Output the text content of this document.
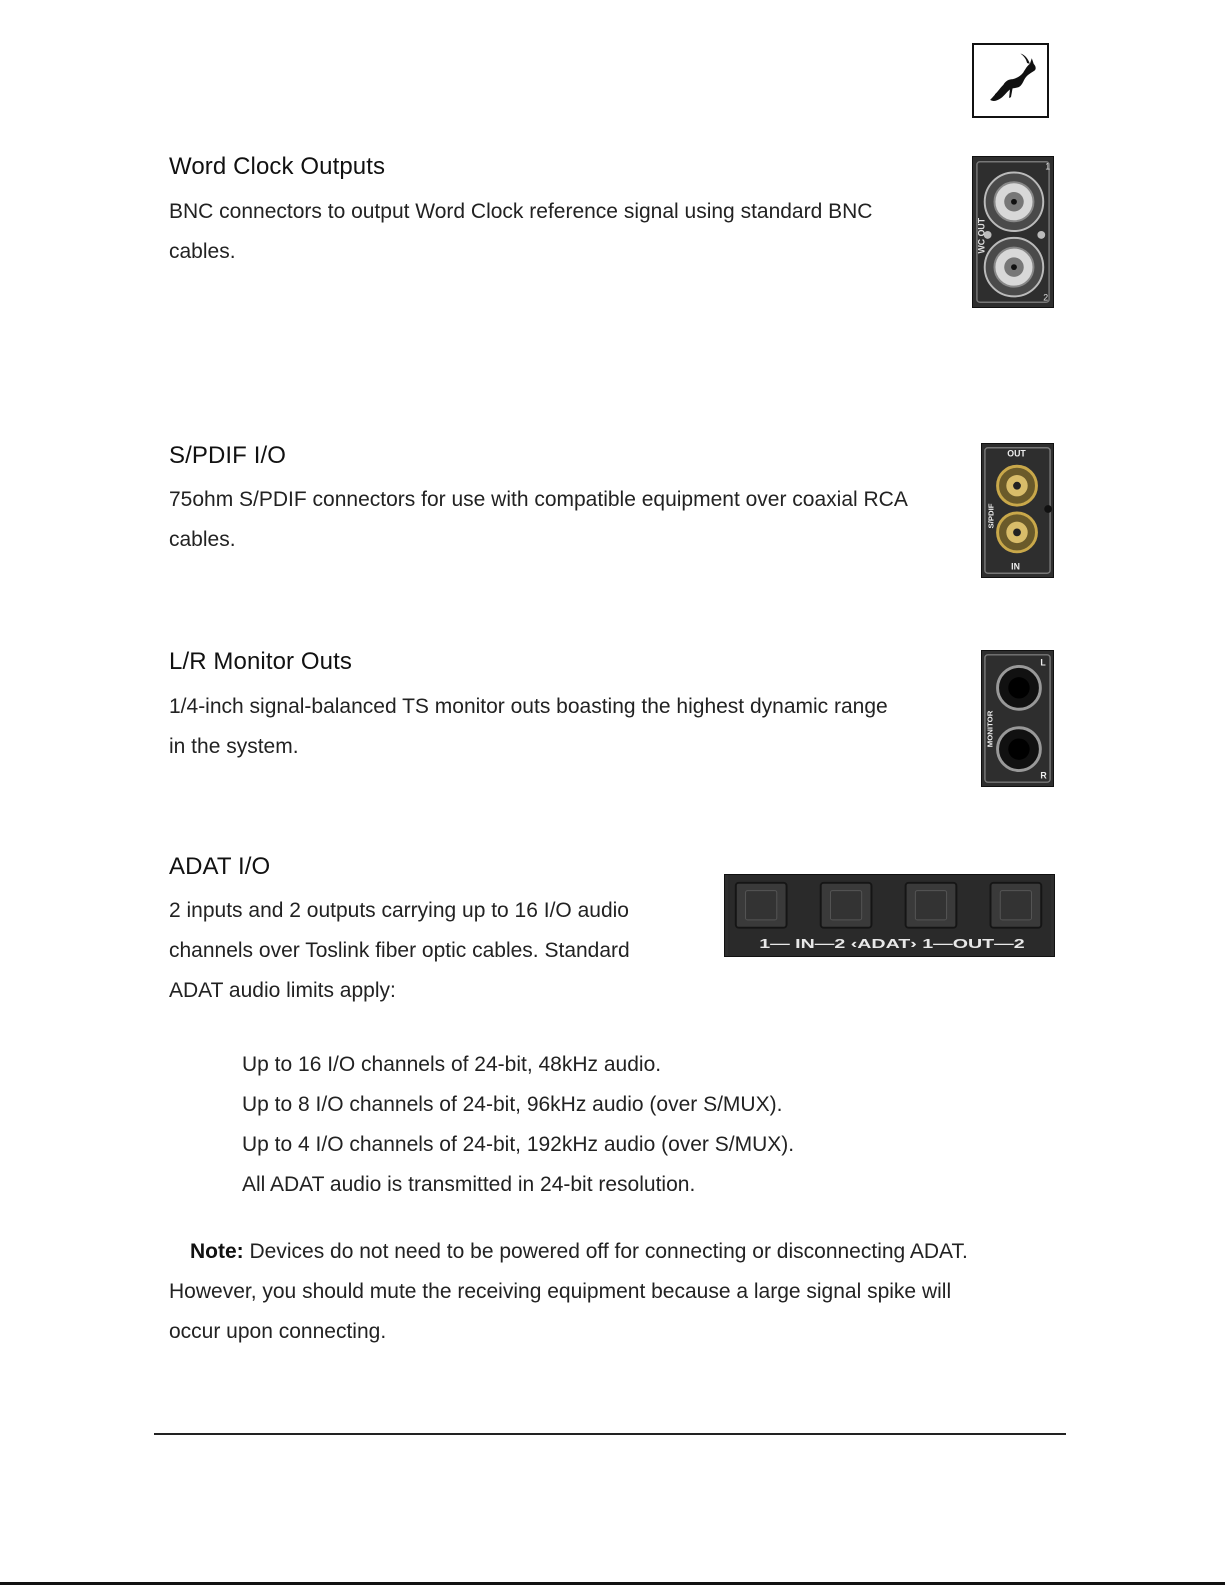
Word Clock Outputs
BNC connectors to output Word Clock reference signal using standard BNC
cables.
1
2
WC OUT
S/PDIF I/O
75ohm S/PDIF connectors for use with compatible equipment over coaxial RCA
cables.
OUT
IN
S/PDIF
L/R Monitor Outs
1/4-inch signal-balanced TS monitor outs boasting the highest dynamic range
in the system.
L
R
MONITOR
ADAT I/O
2 inputs and 2 outputs carrying up to 16 I/O audio
channels over Toslink fiber optic cables. Standard
ADAT audio limits apply:
1— IN—2 ‹ADAT› 1—OUT—2
Up to 16 I/O channels of 24-bit, 48kHz audio.
Up to 8 I/O channels of 24-bit, 96kHz audio (over S/MUX).
Up to 4 I/O channels of 24-bit, 192kHz audio (over S/MUX).
All ADAT audio is transmitted in 24-bit resolution.
Note: Devices do not need to be powered off for connecting or disconnecting ADAT.
However, you should mute the receiving equipment because a large signal spike will
occur upon connecting.
